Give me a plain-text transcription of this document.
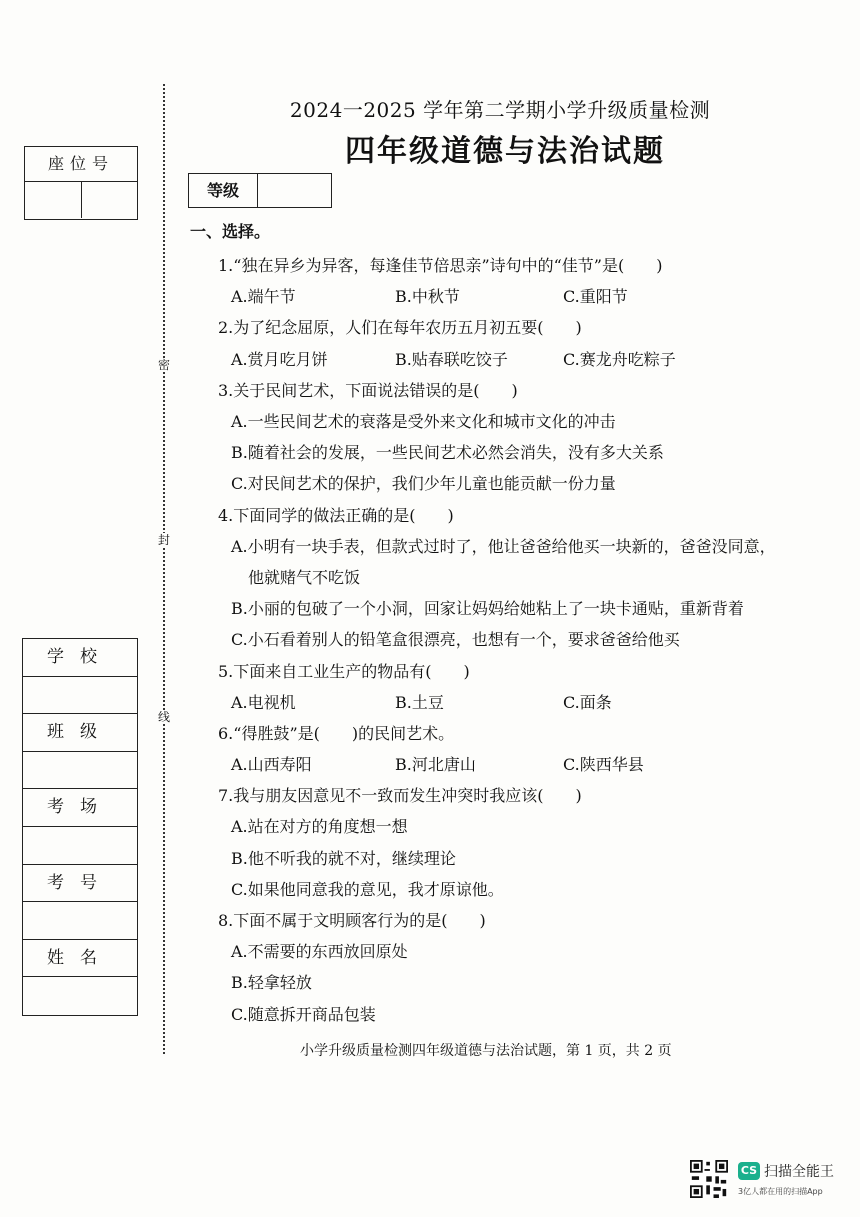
座位号
学校
班级
考场
考号
姓名
密
封
线
2024一2025 学年第二学期小学升级质量检测
四年级道德与法治试题
等级
一、选择。
1.“独在异乡为异客，每逢佳节倍思亲”诗句中的“佳节”是(　　)
A.端午节	B.中秋节	C.重阳节
2.为了纪念屈原，人们在每年农历五月初五要(　　)
A.赏月吃月饼	B.贴春联吃饺子	C.赛龙舟吃粽子
3.关于民间艺术，下面说法错误的是(　　)
A.一些民间艺术的衰落是受外来文化和城市文化的冲击
B.随着社会的发展，一些民间艺术必然会消失，没有多大关系
C.对民间艺术的保护，我们少年儿童也能贡献一份力量
4.下面同学的做法正确的是(　　)
A.小明有一块手表，但款式过时了，他让爸爸给他买一块新的，爸爸没同意，
他就赌气不吃饭
B.小丽的包破了一个小洞，回家让妈妈给她粘上了一块卡通贴，重新背着
C.小石看着别人的铅笔盒很漂亮，也想有一个，要求爸爸给他买
5.下面来自工业生产的物品有(　　)
A.电视机	B.土豆	C.面条
6.“得胜鼓”是(　　)的民间艺术。
A.山西寿阳	B.河北唐山	C.陕西华县
7.我与朋友因意见不一致而发生冲突时我应该(　　)
A.站在对方的角度想一想
B.他不听我的就不对，继续理论
C.如果他同意我的意见，我才原谅他。
8.下面不属于文明顾客行为的是(　　)
A.不需要的东西放回原处
B.轻拿轻放
C.随意拆开商品包装
小学升级质量检测四年级道德与法治试题，第 1 页，共 2 页
CS 扫描全能王
3亿人都在用的扫描App
